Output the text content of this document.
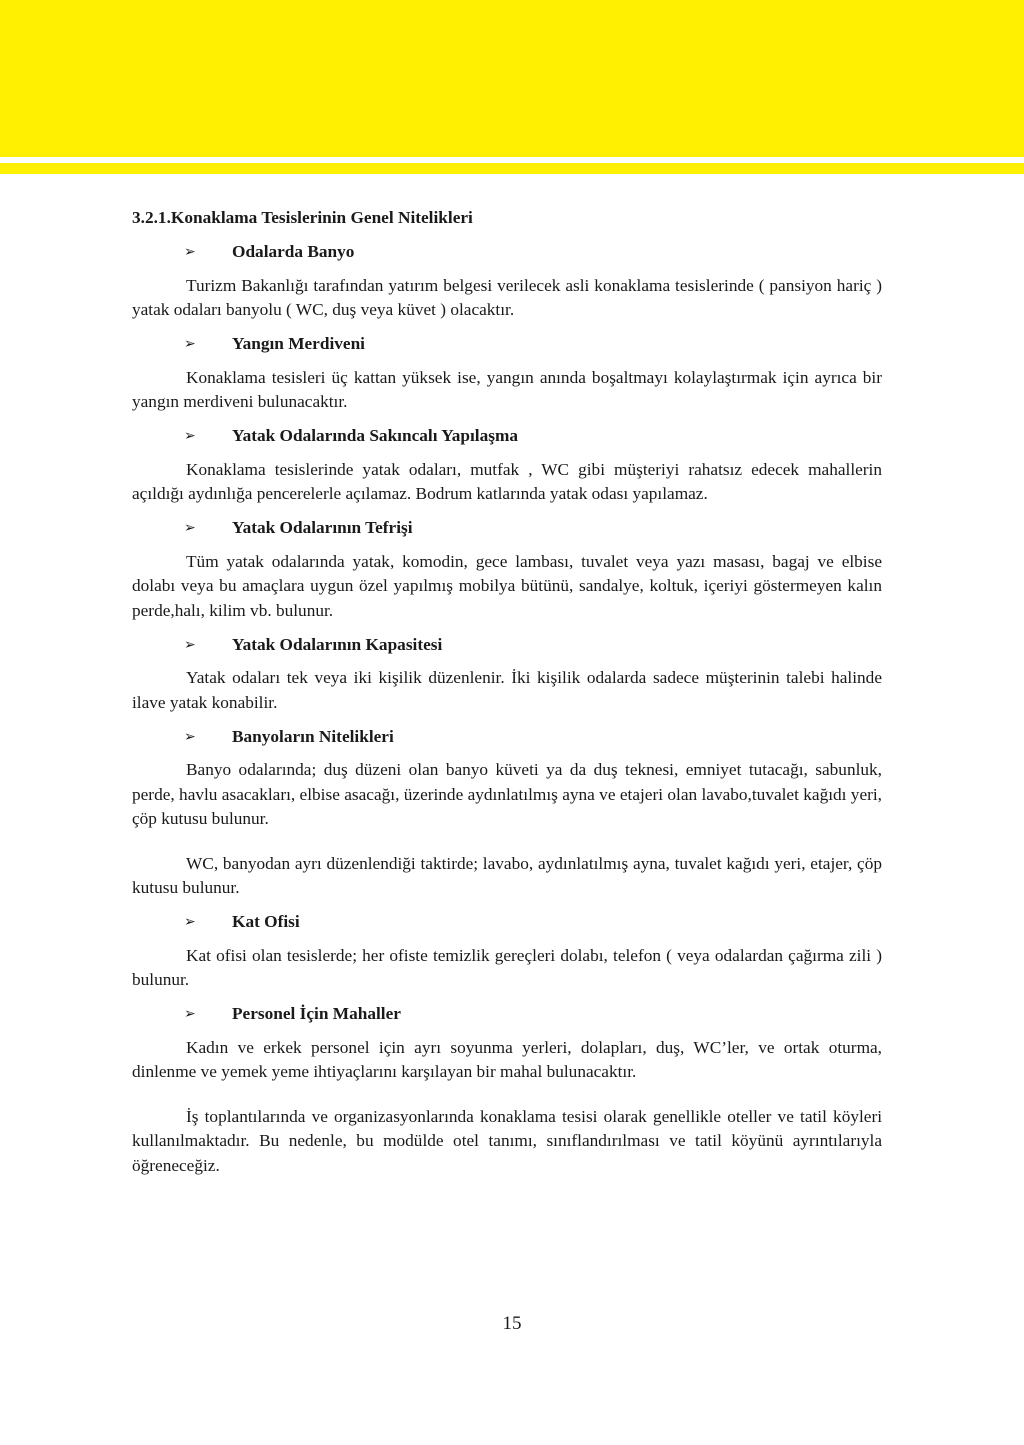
3.2.1.Konaklama Tesislerinin Genel Nitelikleri
➢	Odalarda Banyo

Turizm Bakanlığı tarafından yatırım belgesi verilecek asli konaklama tesislerinde ( pansiyon hariç ) yatak odaları banyolu ( WC, duş veya küvet ) olacaktır.

➢	Yangın Merdiveni

Konaklama tesisleri üç kattan yüksek ise, yangın anında boşaltmayı kolaylaştırmak için ayrıca bir yangın merdiveni bulunacaktır.

➢	Yatak Odalarında Sakıncalı Yapılaşma

Konaklama tesislerinde yatak odaları, mutfak , WC gibi müşteriyi rahatsız edecek mahallerin açıldığı aydınlığa pencerelerle açılamaz. Bodrum katlarında yatak odası yapılamaz.

➢	Yatak Odalarının Tefrişi

Tüm yatak odalarında yatak, komodin, gece lambası, tuvalet veya yazı masası, bagaj ve elbise dolabı veya bu amaçlara uygun özel yapılmış mobilya bütünü, sandalye, koltuk, içeriyi göstermeyen kalın perde,halı, kilim vb. bulunur.

➢	Yatak Odalarının Kapasitesi

Yatak odaları tek veya iki kişilik düzenlenir. İki kişilik odalarda sadece müşterinin talebi halinde ilave yatak konabilir.

➢	Banyoların Nitelikleri

Banyo odalarında; duş düzeni olan banyo küveti ya da duş teknesi, emniyet tutacağı, sabunluk, perde, havlu asacakları, elbise asacağı, üzerinde aydınlatılmış ayna ve etajeri olan lavabo,tuvalet kağıdı yeri, çöp kutusu bulunur.

WC, banyodan ayrı düzenlendiği taktirde; lavabo, aydınlatılmış ayna, tuvalet kağıdı yeri, etajer, çöp kutusu bulunur.

➢	Kat Ofisi

Kat ofisi olan tesislerde; her ofiste temizlik gereçleri dolabı, telefon ( veya odalardan çağırma zili ) bulunur.

➢	Personel İçin Mahaller

Kadın ve erkek personel için ayrı soyunma yerleri, dolapları, duş, WC’ler, ve ortak oturma, dinlenme ve yemek yeme ihtiyaçlarını karşılayan bir mahal bulunacaktır.

İş toplantılarında ve organizasyonlarında konaklama tesisi olarak genellikle oteller ve tatil köyleri kullanılmaktadır. Bu nedenle, bu modülde otel tanımı, sınıflandırılması ve tatil köyünü ayrıntılarıyla öğreneceğiz.

15
